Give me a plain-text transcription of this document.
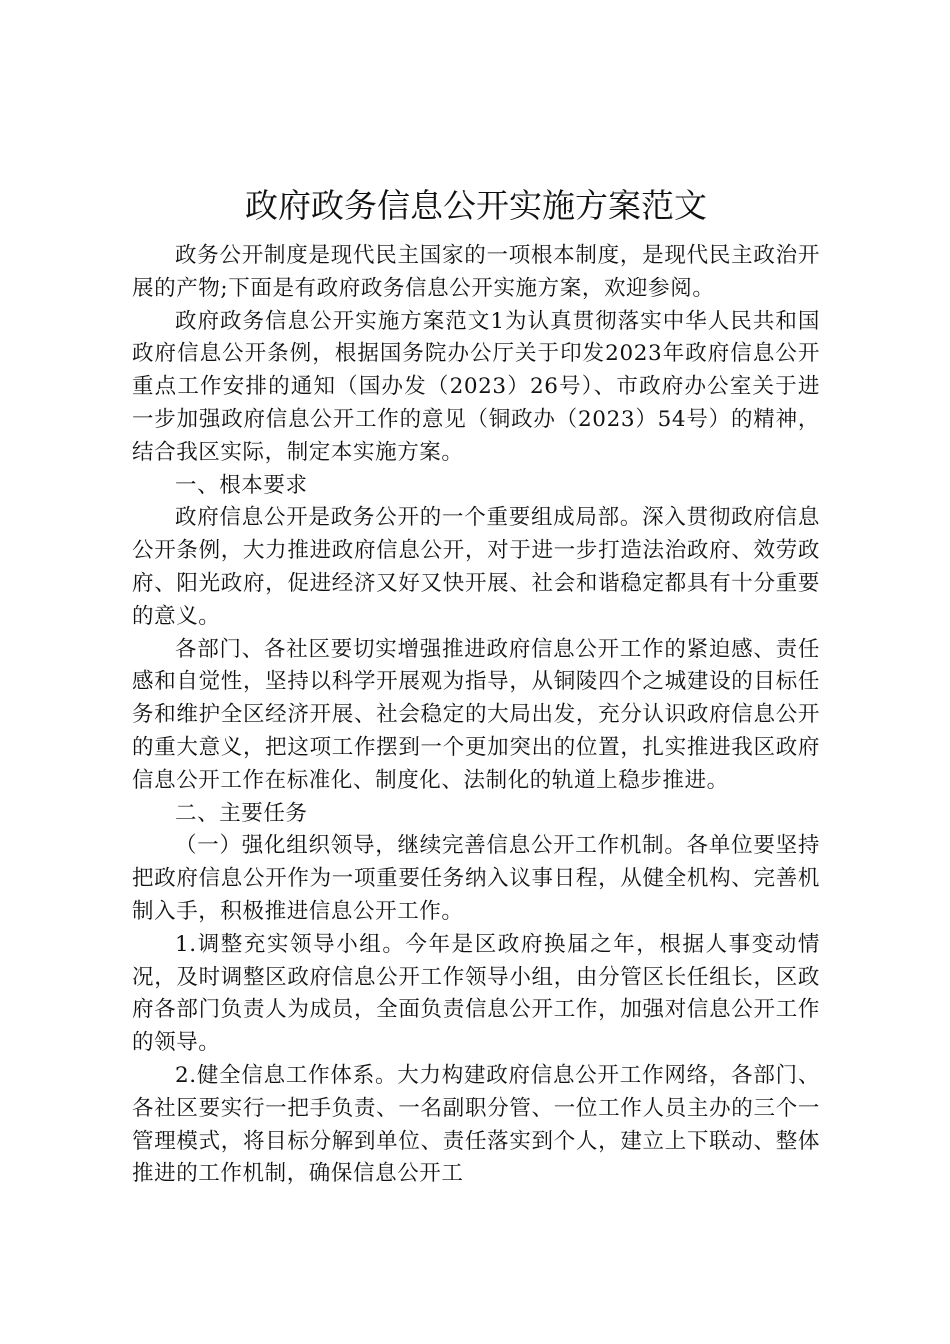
政府政务信息公开实施方案范文

政务公开制度是现代民主国家的一项根本制度，是现代民主政治开展的产物;下面是有政府政务信息公开实施方案，欢迎参阅。

政府政务信息公开实施方案范文1为认真贯彻落实中华人民共和国政府信息公开条例，根据国务院办公厅关于印发2023年政府信息公开重点工作安排的通知（国办发（2023）26号）、市政府办公室关于进一步加强政府信息公开工作的意见（铜政办（2023）54号）的精神，结合我区实际，制定本实施方案。

一、根本要求

政府信息公开是政务公开的一个重要组成局部。深入贯彻政府信息公开条例，大力推进政府信息公开，对于进一步打造法治政府、效劳政府、阳光政府，促进经济又好又快开展、社会和谐稳定都具有十分重要的意义。

各部门、各社区要切实增强推进政府信息公开工作的紧迫感、责任感和自觉性，坚持以科学开展观为指导，从铜陵四个之城建设的目标任务和维护全区经济开展、社会稳定的大局出发，充分认识政府信息公开的重大意义，把这项工作摆到一个更加突出的位置，扎实推进我区政府信息公开工作在标准化、制度化、法制化的轨道上稳步推进。

二、主要任务

（一）强化组织领导，继续完善信息公开工作机制。各单位要坚持把政府信息公开作为一项重要任务纳入议事日程，从健全机构、完善机制入手，积极推进信息公开工作。

1.调整充实领导小组。今年是区政府换届之年，根据人事变动情况，及时调整区政府信息公开工作领导小组，由分管区长任组长，区政府各部门负责人为成员，全面负责信息公开工作，加强对信息公开工作的领导。

2.健全信息工作体系。大力构建政府信息公开工作网络，各部门、各社区要实行一把手负责、一名副职分管、一位工作人员主办的三个一管理模式，将目标分解到单位、责任落实到个人，建立上下联动、整体推进的工作机制，确保信息公开工
